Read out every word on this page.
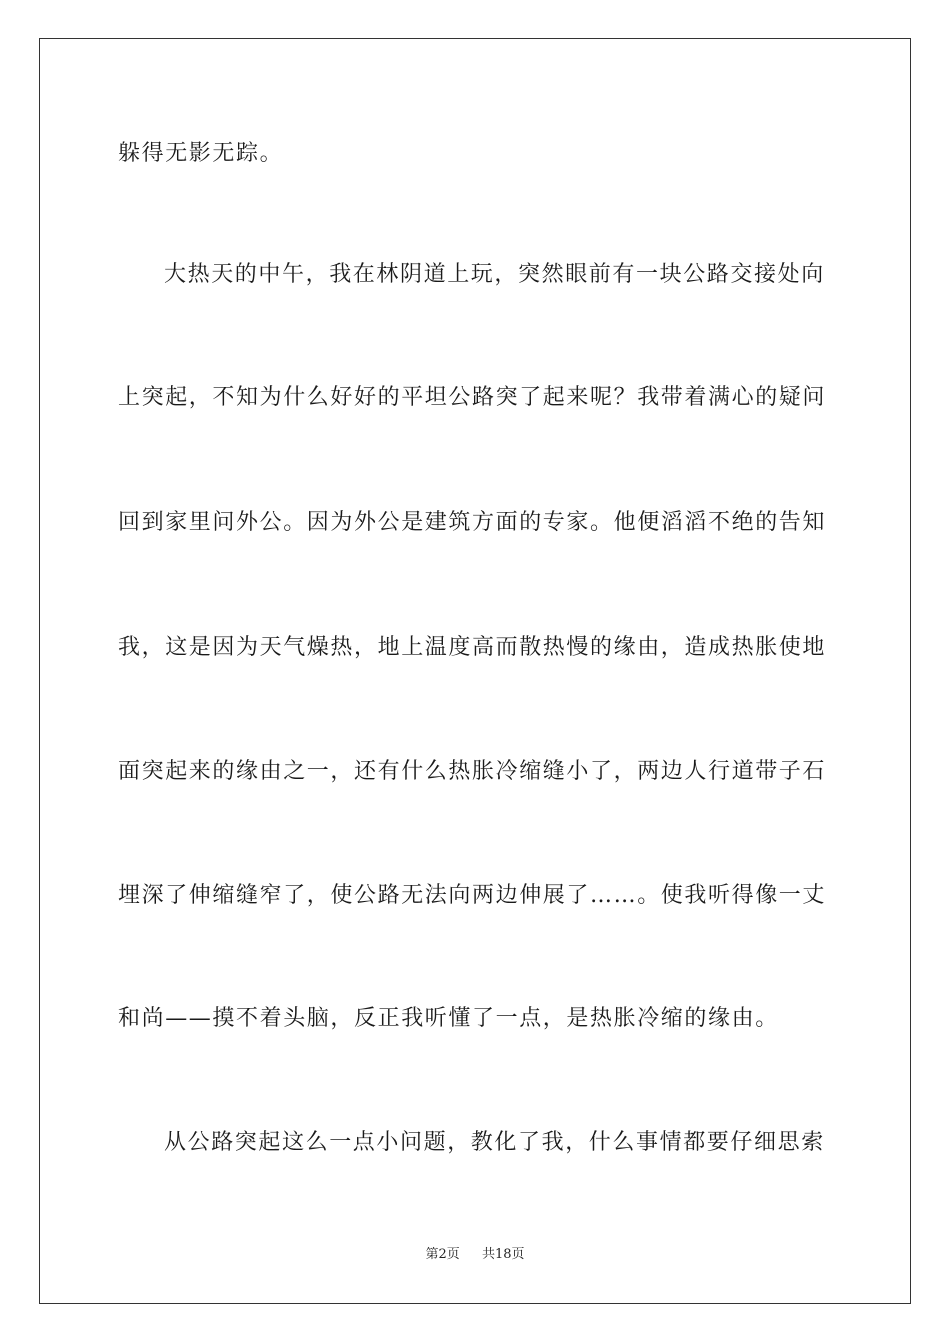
躲得无影无踪。
大热天的中午，我在林阴道上玩，突然眼前有一块公路交接处向
上突起，不知为什么好好的平坦公路突了起来呢？我带着满心的疑问
回到家里问外公。因为外公是建筑方面的专家。他便滔滔不绝的告知
我，这是因为天气燥热，地上温度高而散热慢的缘由，造成热胀使地
面突起来的缘由之一，还有什么热胀冷缩缝小了，两边人行道带子石
埋深了伸缩缝窄了，使公路无法向两边伸展了……。使我听得像一丈
和尚——摸不着头脑，反正我听懂了一点，是热胀冷缩的缘由。
从公路突起这么一点小问题，教化了我，什么事情都要仔细思索
第2页 共18页
